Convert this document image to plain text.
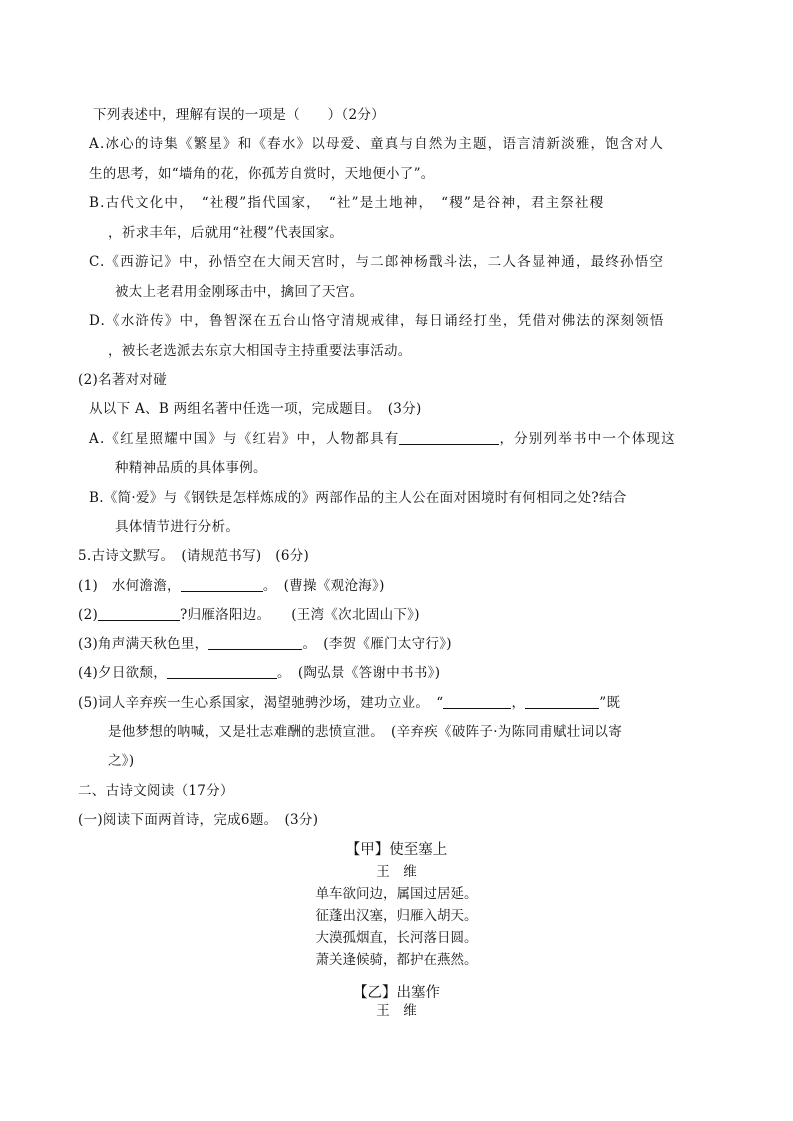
下列表述中，理解有误的一项是（　　）（2分）
A.冰心的诗集《繁星》和《春水》以母爱、童真与自然为主题，语言清新淡雅，饱含对人
生的思考，如“墙角的花，你孤芳自赏时，天地便小了”。
B.古代文化中，　“社稷”指代国家，　“社”是土地神，　“稷”是谷神，君主祭社稷
，祈求丰年，后就用“社稷”代表国家。
C.《西游记》中，孙悟空在大闹天宫时，与二郎神杨戬斗法，二人各显神通，最终孙悟空
被太上老君用金刚琢击中，擒回了天宫。
D.《水浒传》中，鲁智深在五台山恪守清规戒律，每日诵经打坐，凭借对佛法的深刻领悟
，被长老选派去东京大相国寺主持重要法事活动。
(2)名著对对碰
从以下 A、B 两组名著中任选一项，完成题目。　(3分)
A.《红星照耀中国》与《红岩》中，人物都具有	，分别列举书中一个体现这
种精神品质的具体事例。
B.《简·爱》与《钢铁是怎样炼成的》两部作品的主人公在面对困境时有何相同之处?结合
具体情节进行分析。
5.古诗文默写。　(请规范书写)　(6分)
(1)　水何澹澹，	。　(曹操《观沧海》)
(2)	?归雁洛阳边。　　(王湾《次北固山下》)
(3)角声满天秋色里，	。　(李贺《雁门太守行》)
(4)夕日欲颓，	。　(陶弘景《答谢中书书》)
(5)词人辛弃疾一生心系国家，渴望驰骋沙场，建功立业。　“	，	”既
是他梦想的呐喊，又是壮志难酬的悲愤宣泄。　(辛弃疾《破阵子·为陈同甫赋壮词以寄
之》)
二、古诗文阅读（17分）
(一)阅读下面两首诗，完成6题。　(3分)
【甲】使至塞上
王　维
单车欲问边，属国过居延。
征蓬出汉塞，归雁入胡天。
大漠孤烟直，长河落日圆。
萧关逢候骑，都护在燕然。
【乙】出塞作
王　维
